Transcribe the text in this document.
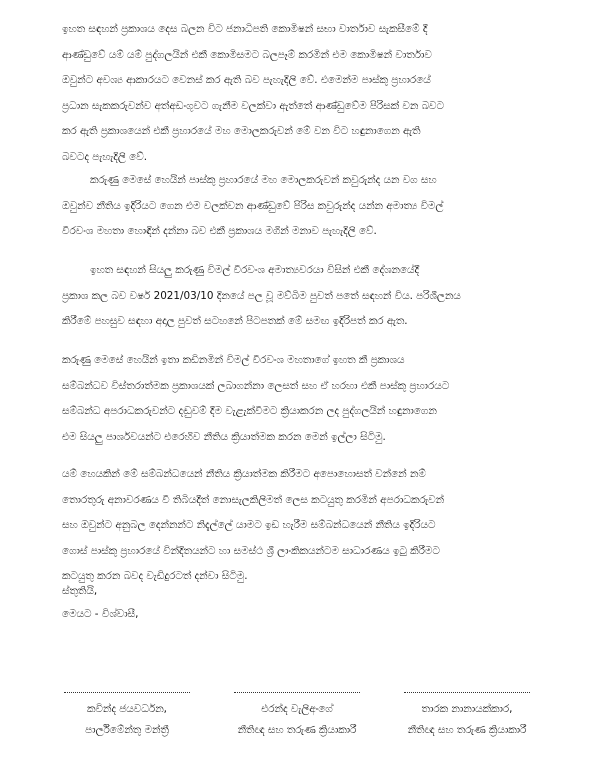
ඉහත සඳහන් ප්‍රකාශය දෙස බලන විට ජනාධිපති කොමිෂන් සභා වාර්තාව සැකසීමේ දී
ආණ්ඩුවේ යම් යම් පුද්ගලයින් එකී කොමිසමට බලපෑම් කරමින් එම කොමිෂන් වාර්තාව
ඔවුන්ට අවශ්‍ය ආකාරයට වෙනස් කර ඇති බව පැහැදිලි වේ. එමෙන්ම පාස්කු ප්‍රහාරයේ
ප්‍රධාන සැකකරුවන්ව අත්අඩංගුවට ගැනීම වලක්වා ඇත්තේ ආණ්ඩුවේම පිරිසක් වන බවට
කර ඇති ප්‍රකාශයෙන් එකී ප්‍රහාරයේ මහ මොලකරුවන් මේ වන විට හඳුනාගෙන ඇති
බවටද පැහැදිලි වේ.

කරුණු මෙසේ හෙයින් පාස්කු ප්‍රහාරයේ මහ මොලකරුවන් කවුරුන්ද යන වග සහ
ඔවුන්ව නීතිය ඉදිරියට ගෙන එම වලක්වන ආණ්ඩුවේ පිරිස කවුරුන්ද යන්න අමාත්‍ය විමල්
වීරවංශ මහතා හොඳින් දන්නා බව එකී ප්‍රකාශය මගින් මනාව පැහැදිලි වේ.

ඉහත සඳහන් සියලු කරුණු විමල් වීරවංශ අමාත්‍යවරයා විසින් එකී දේශනයේදී
ප්‍රකාශ කල බව වර්ෂ 2021/03/10 දිනයේ පල වූ මව්බිම පුවත් පතේ සඳහන් විය. පරිශීලනය
කිරීමේ පහසුව සඳහා අදාල පුවත් සටහනේ පිටපතක් මේ සමඟ ඉදිරිපත් කර ඇත.

කරුණු මෙසේ හෙයින් ඉතා කඩිනමින් විමල් වීරවංශ මහතාගේ ඉහත කී ප්‍රකාශය
සම්බන්ධව විස්තරාත්මක ප්‍රකාශයක් ලබාගන්නා ලෙසත් සහ ඒ හරහා එකී පාස්කු ප්‍රහාරයට
සම්බන්ධ අපරාධකරුවන්ට දඬුවම් දීම වැළැක්වීමට ක්‍රියාකරන ලද පුද්ගලයින් හඳුනාගෙන
එම සියලු පාර්ශවයන්ට එරෙහිව නීතිය ක්‍රියාත්මක කරන මෙන් ඉල්ලා සිටිමු.

යම් හෙයකින් මේ සම්බන්ධයෙන් නීතිය ක්‍රියාත්මක කිරීමට අපොහොසත් වන්නේ නම්
තොරතුරු අනාවරණය වී තිබියදීත් නොසැලකිලිමත් ලෙස කටයුතු කරමින් අපරාධකරුවන්
සහ ඔවුන්ට අනුබල දෙන්නන්ට නිදැල්ලේ යාමට ඉඩ හැරීම සම්බන්ධයෙන් නීතිය ඉදිරියට
ගොස් පාස්කු ප්‍රහාරයේ වින්දිතයන්ට හා සමස්ථ ශ්‍රී ලාංකිකයන්ටම සාධාරණය ඉටු කිරීමට
කටයුතු කරන බවද වැඩිදුරටත් දන්වා සිටිමු.

ස්තුතියි,
මෙයට - විශ්වාසී,
කවින්ද ජයවර්ධන,
පාර්ලිමේන්තු මන්ත්‍රී
එරන්ද වැලිඅංගේ
නීතිඥ සහ තරුණ ක්‍රියාකාරී
තාරක නානායක්කාර,
නීතිඥ සහ තරුණ ක්‍රියාකාරී
